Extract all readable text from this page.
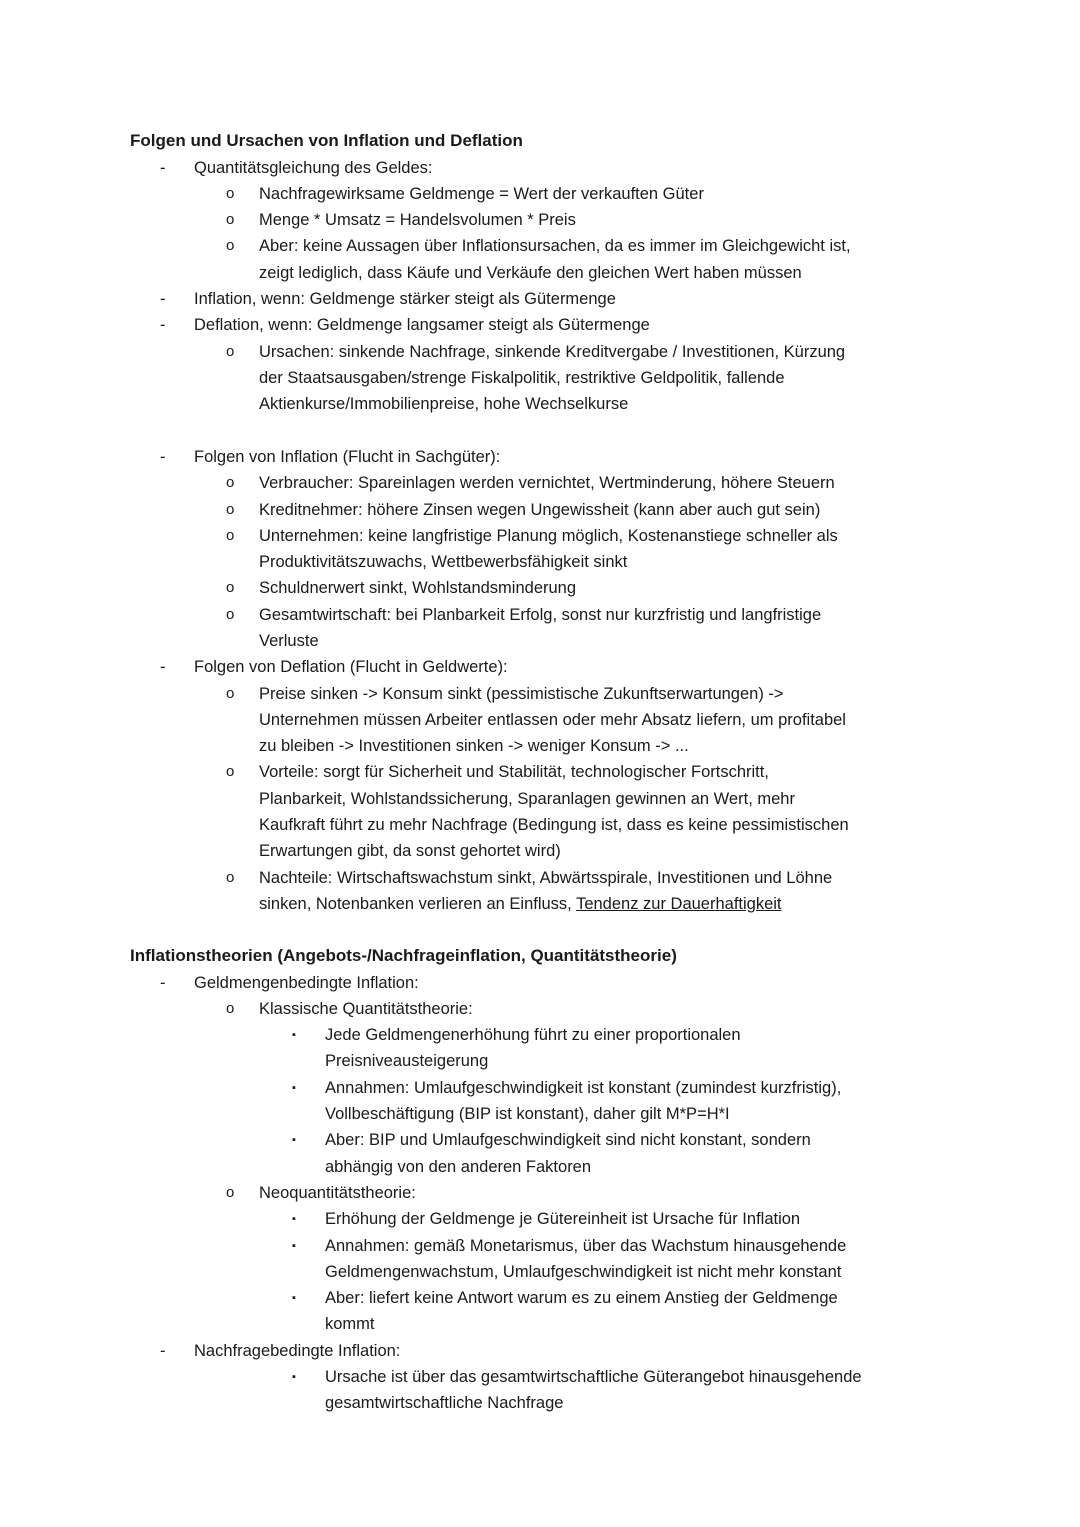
Folgen und Ursachen von Inflation und Deflation
- Quantitätsgleichung des Geldes:
o Nachfragewirksame Geldmenge = Wert der verkauften Güter
o Menge * Umsatz = Handelsvolumen * Preis
o Aber: keine Aussagen über Inflationsursachen, da es immer im Gleichgewicht ist,
zeigt lediglich, dass Käufe und Verkäufe den gleichen Wert haben müssen
- Inflation, wenn: Geldmenge stärker steigt als Gütermenge
- Deflation, wenn: Geldmenge langsamer steigt als Gütermenge
o Ursachen: sinkende Nachfrage, sinkende Kreditvergabe / Investitionen, Kürzung
der Staatsausgaben/strenge Fiskalpolitik, restriktive Geldpolitik, fallende
Aktienkurse/Immobilienpreise, hohe Wechselkurse
- Folgen von Inflation (Flucht in Sachgüter):
o Verbraucher: Spareinlagen werden vernichtet, Wertminderung, höhere Steuern
o Kreditnehmer: höhere Zinsen wegen Ungewissheit (kann aber auch gut sein)
o Unternehmen: keine langfristige Planung möglich, Kostenanstiege schneller als
Produktivitätszuwachs, Wettbewerbsfähigkeit sinkt
o Schuldnerwert sinkt, Wohlstandsminderung
o Gesamtwirtschaft: bei Planbarkeit Erfolg, sonst nur kurzfristig und langfristige
Verluste
- Folgen von Deflation (Flucht in Geldwerte):
o Preise sinken -> Konsum sinkt (pessimistische Zukunftserwartungen) ->
Unternehmen müssen Arbeiter entlassen oder mehr Absatz liefern, um profitabel
zu bleiben -> Investitionen sinken -> weniger Konsum -> ...
o Vorteile: sorgt für Sicherheit und Stabilität, technologischer Fortschritt,
Planbarkeit, Wohlstandssicherung, Sparanlagen gewinnen an Wert, mehr
Kaufkraft führt zu mehr Nachfrage (Bedingung ist, dass es keine pessimistischen
Erwartungen gibt, da sonst gehortet wird)
o Nachteile: Wirtschaftswachstum sinkt, Abwärtsspirale, Investitionen und Löhne
sinken, Notenbanken verlieren an Einfluss, Tendenz zur Dauerhaftigkeit
Inflationstheorien (Angebots-/Nachfrageinflation, Quantitätstheorie)
- Geldmengenbedingte Inflation:
o Klassische Quantitätstheorie:
▪ Jede Geldmengenerhöhung führt zu einer proportionalen
Preisniveausteigerung
▪ Annahmen: Umlaufgeschwindigkeit ist konstant (zumindest kurzfristig),
Vollbeschäftigung (BIP ist konstant), daher gilt M*P=H*I
▪ Aber: BIP und Umlaufgeschwindigkeit sind nicht konstant, sondern
abhängig von den anderen Faktoren
o Neoquantitätstheorie:
▪ Erhöhung der Geldmenge je Gütereinheit ist Ursache für Inflation
▪ Annahmen: gemäß Monetarismus, über das Wachstum hinausgehende
Geldmengenwachstum, Umlaufgeschwindigkeit ist nicht mehr konstant
▪ Aber: liefert keine Antwort warum es zu einem Anstieg der Geldmenge
kommt
- Nachfragebedingte Inflation:
▪ Ursache ist über das gesamtwirtschaftliche Güterangebot hinausgehende
gesamtwirtschaftliche Nachfrage
